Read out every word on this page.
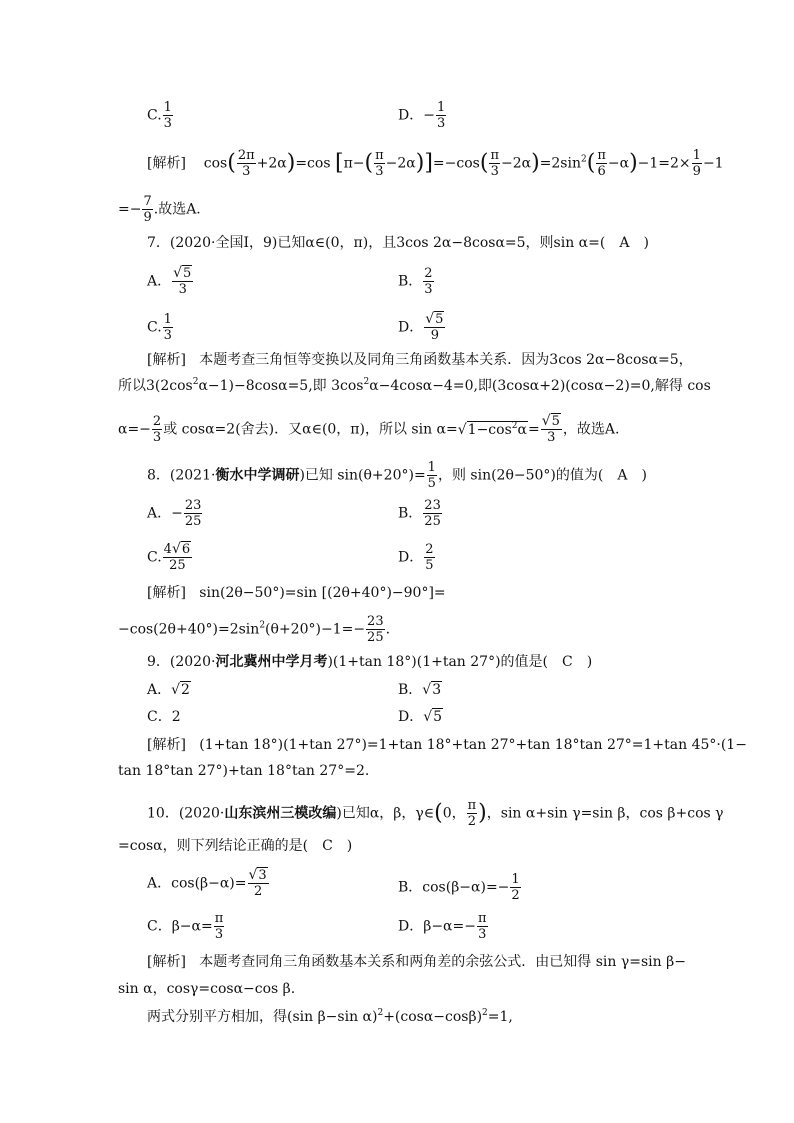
C. $\frac{1}{3}$	D．− $\frac{1}{3}$
[解析] $\cos( \frac{2\pi}{3} +2\alpha)=\cos$ $[\pi-( \frac{\pi}{3} -2\alpha)]=-\cos( \frac{\pi}{3} -2\alpha)=2\sin^2( \frac{\pi}{6} -\alpha)-1=2\times \frac{1}{9} -1$
=− $\frac{7}{9}$ .故选A.
7．(2020·全国Ⅰ，9)已知α∈(0，π)，且3cos 2α−8cosα=5，则sin α=(　A　)
A． $\frac{√5}{3}$	B． $\frac{2}{3}$
C. $\frac{1}{3}$	D． $\frac{√5}{9}$
[解析] 本题考查三角恒等变换以及同角三角函数基本关系．因为3cos 2α−8cosα=5，
所以$3(2\cos^2\alpha-1)-8\cos\alpha=5$,即 $3\cos^2\alpha-4\cos\alpha-4=0$,即(3cosα+2)(cosα−2)=0,解得 cos
$\alpha=- \frac{2}{3}$ 或 cosα=2(舍去)．又α∈(0，π)，所以 $\sin \alpha=√1-\cos^2\alpha= \frac{√5}{3}$ ，故选A.
8．(2021·衡水中学调研)已知 $\sin(\theta+20^\circ)= \frac{1}{5}$ ，则 sin(2θ−50°)的值为(　A　)
A．− $\frac{23}{25}$	B． $\frac{23}{25}$
C. $\frac{4√6}{25}$	D． $\frac{2}{5}$
[解析] sin(2θ−50°)=sin [(2θ+40°)−90°]=
$-\cos(2\theta+40^\circ)=2\sin^2(\theta+20^\circ)-1=- \frac{23}{25}$ .
9．(2020·河北冀州中学月考)(1+tan 18°)(1+tan 27°)的值是(　C　)
A．√2	B．√3
C．2	D．√5
[解析] (1+tan 18°)(1+tan 27°)=1+tan 18°+tan 27°+tan 18°tan 27°=1+tan 45°·(1−
tan 18°tan 27°)+tan 18°tan 27°=2.
10．(2020·山东滨州三模改编)已知α，β，γ∈(0， $\frac{\pi}{2}$ )，sin α+sin γ=sin β，cos β+cos γ
=cosα，则下列结论正确的是(　C　)
A．$\cos(\beta-\alpha)= \frac{√3}{2}$	B．$\cos(\beta-\alpha)=- \frac{1}{2}$
C．$\beta-\alpha= \frac{\pi}{3}$	D．$\beta-\alpha=- \frac{\pi}{3}$
[解析] 本题考查同角三角函数基本关系和两角差的余弦公式．由已知得 sin γ=sin β−
sin α，cosγ=cosα−cos β.
两式分别平方相加，得(sin β−sin $\alpha)^2+(\cos\alpha-\cos\beta)^2=1$,
